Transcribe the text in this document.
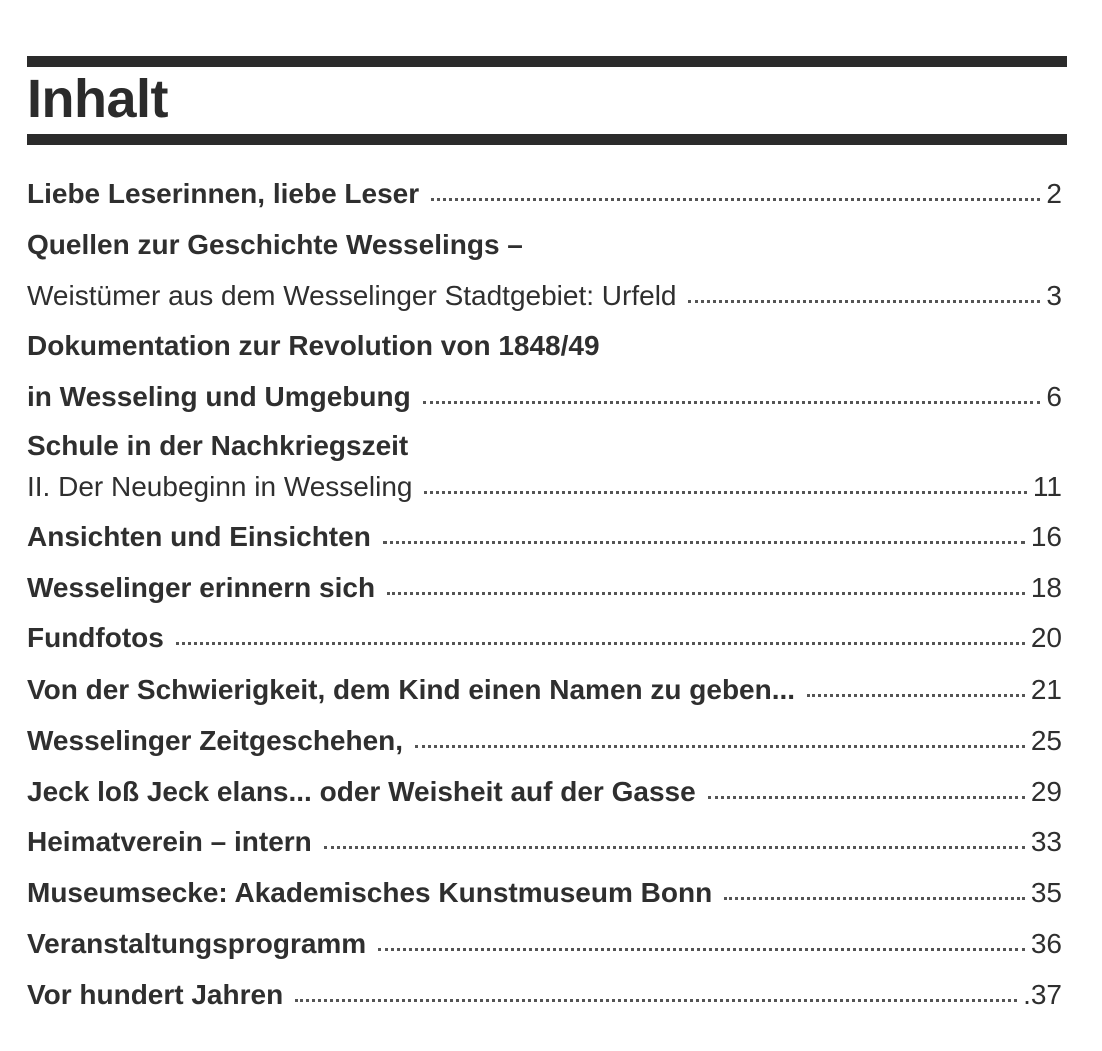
Inhalt
Liebe Leserinnen, liebe Leser	2
Quellen zur Geschichte Wesselings –
Weistümer aus dem Wesselinger Stadtgebiet: Urfeld	3
Dokumentation zur Revolution von 1848/49
in Wesseling und Umgebung	6
Schule in der Nachkriegszeit
II. Der Neubeginn in Wesseling	11
Ansichten und Einsichten	16
Wesselinger erinnern sich	18
Fundfotos	20
Von der Schwierigkeit, dem Kind einen Namen zu geben...	21
Wesselinger Zeitgeschehen,	25
Jeck loß Jeck elans... oder Weisheit auf der Gasse	29
Heimatverein – intern	33
Museumsecke: Akademisches Kunstmuseum Bonn	35
Veranstaltungsprogramm	36
Vor hundert Jahren	.37
